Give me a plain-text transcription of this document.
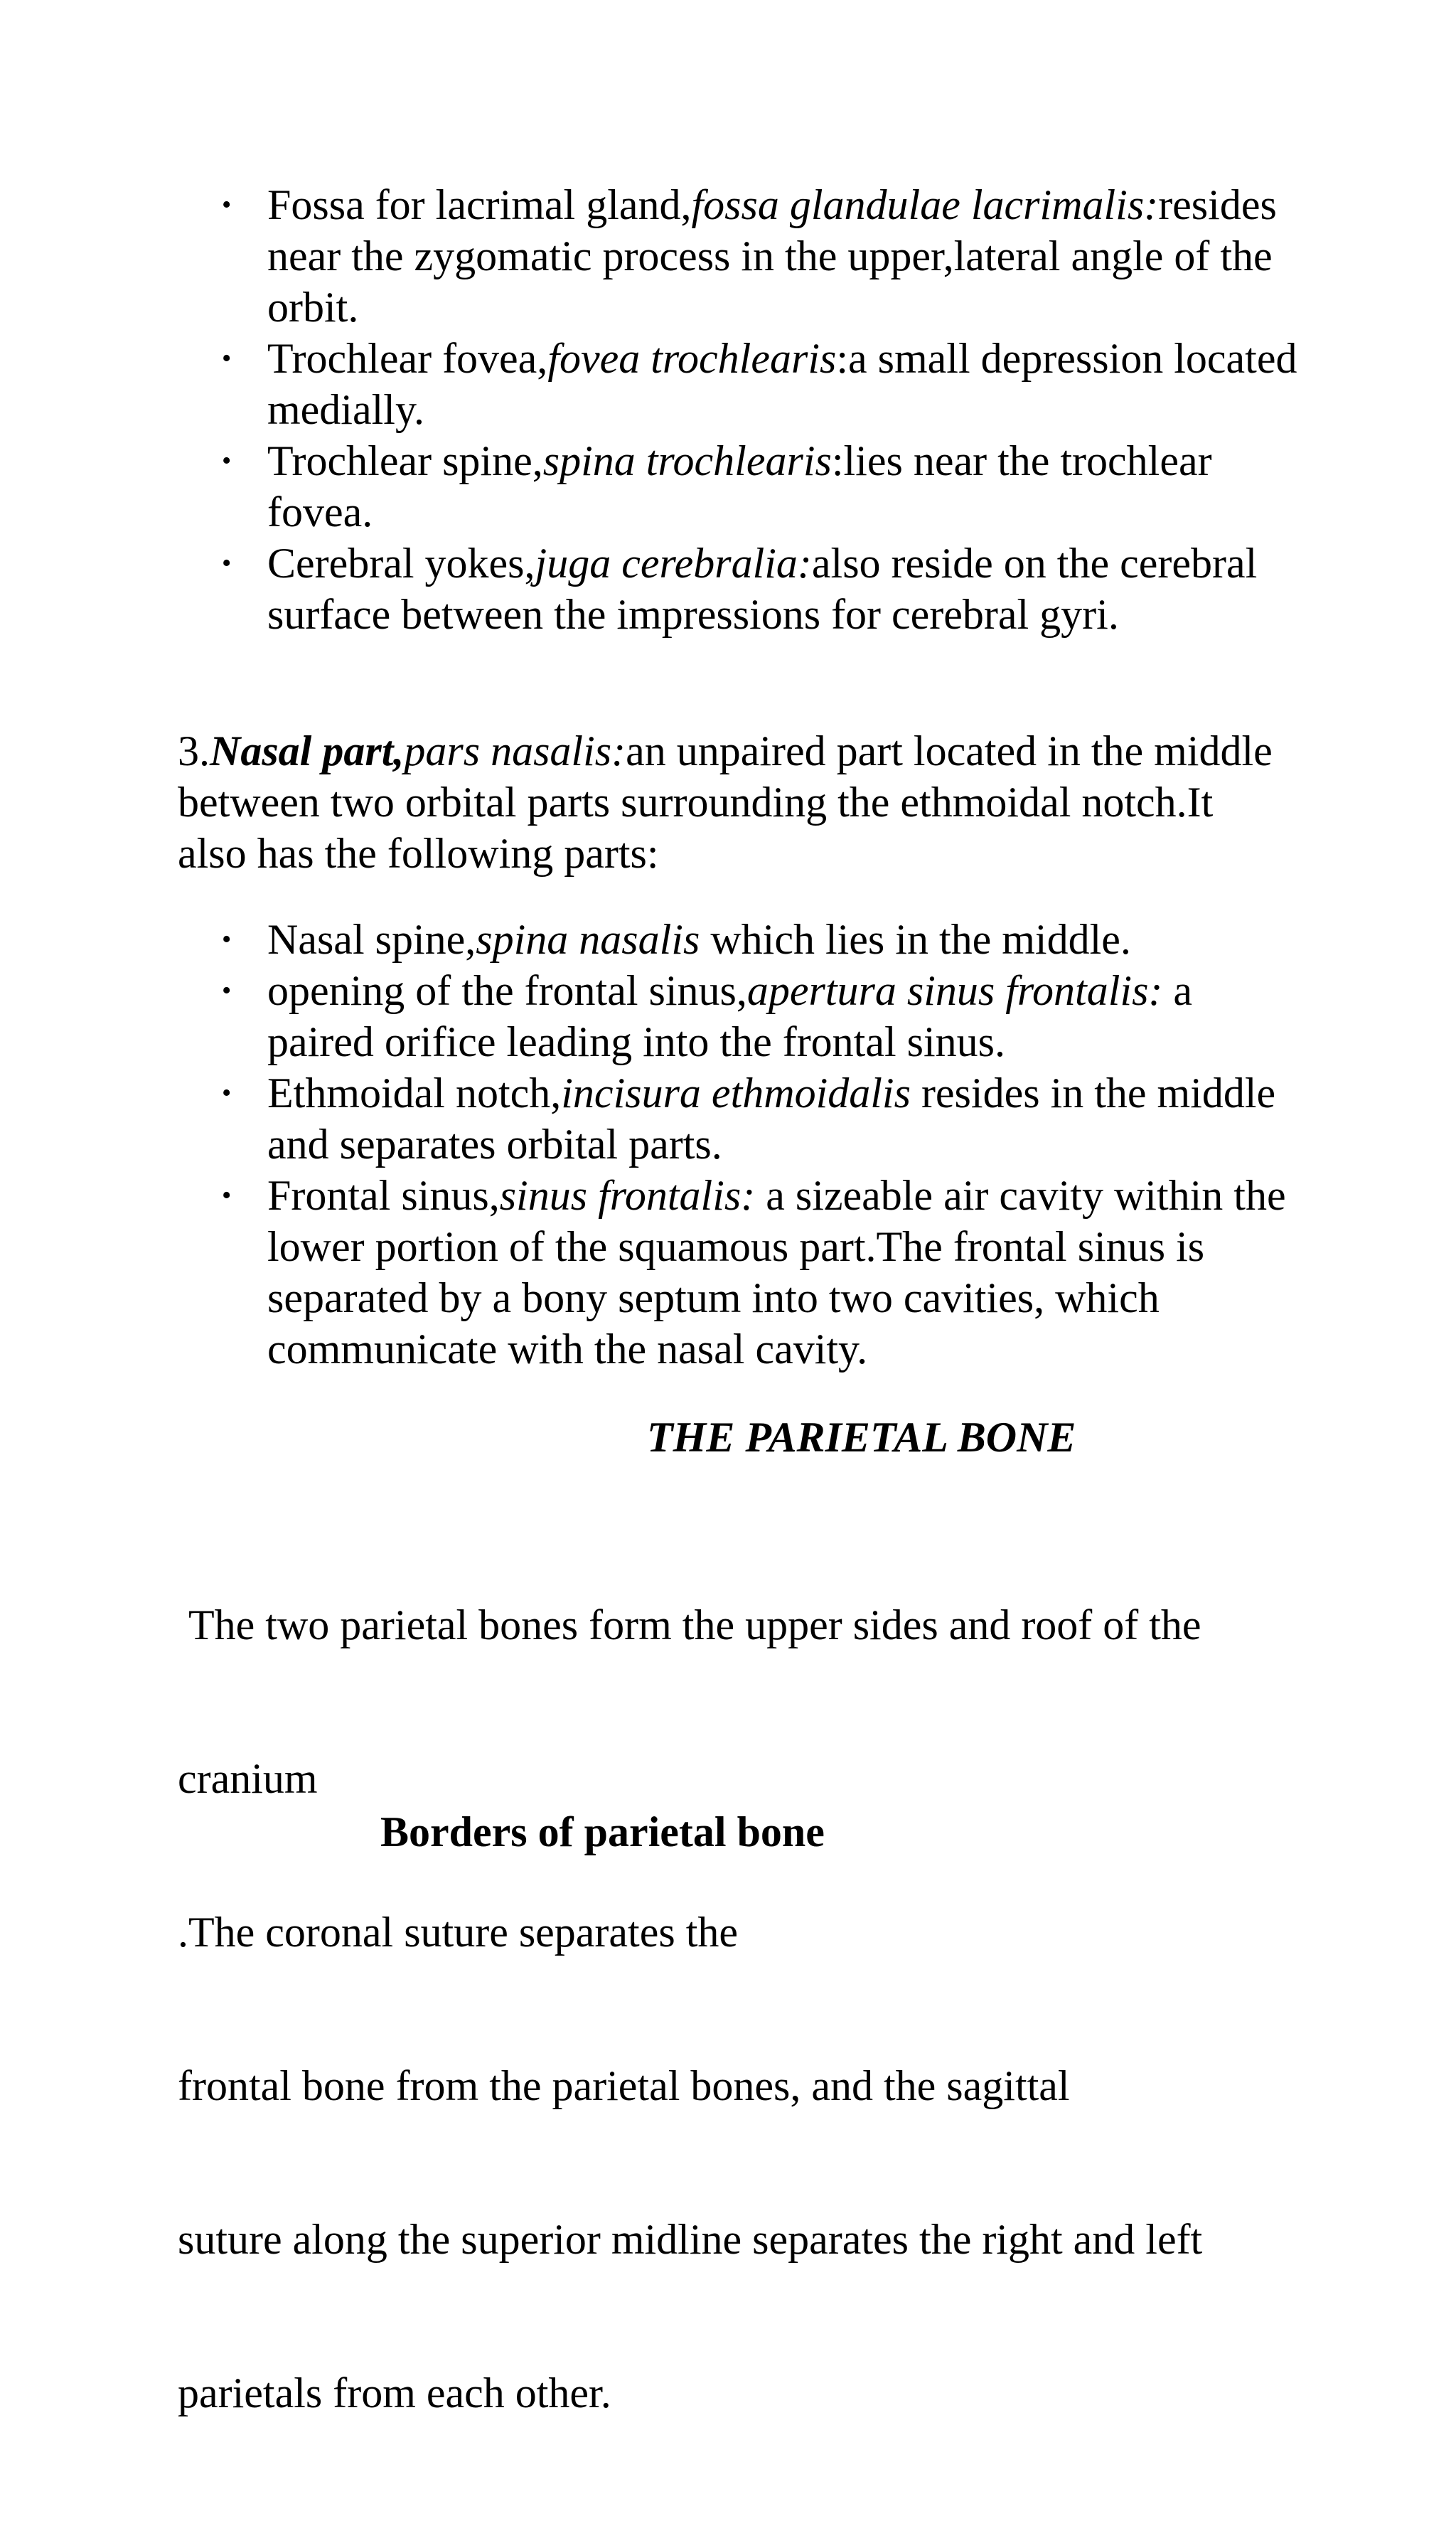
• Fossa for lacrimal gland,fossa glandulae lacrimalis:resides near the zygomatic process in the upper,lateral angle of the orbit.
• Trochlear fovea,fovea trochlearis:a small depression located medially.
• Trochlear spine,spina trochlearis:lies near the trochlear fovea.
• Cerebral yokes,juga cerebralia:also reside on the cerebral surface between the impressions for cerebral gyri.
3.Nasal part,pars nasalis:an unpaired part located in the middle between two orbital parts surrounding the ethmoidal notch.It also has the following parts:
• Nasal spine,spina nasalis which lies in the middle.
• opening of the frontal sinus,apertura sinus frontalis: a paired orifice leading into the frontal sinus.
• Ethmoidal notch,incisura ethmoidalis resides in the middle and separates orbital parts.
• Frontal sinus,sinus frontalis: a sizeable air cavity within the lower portion of the squamous part.The frontal sinus is separated by a bony septum into two cavities, which communicate with the nasal cavity.
THE PARIETAL BONE

The two parietal bones form the upper sides and roof of the

cranium

.The coronal suture separates the

frontal bone from the parietal bones, and the sagittal

suture along the superior midline separates the right and left

parietals from each other.

Borders of parietal bone
